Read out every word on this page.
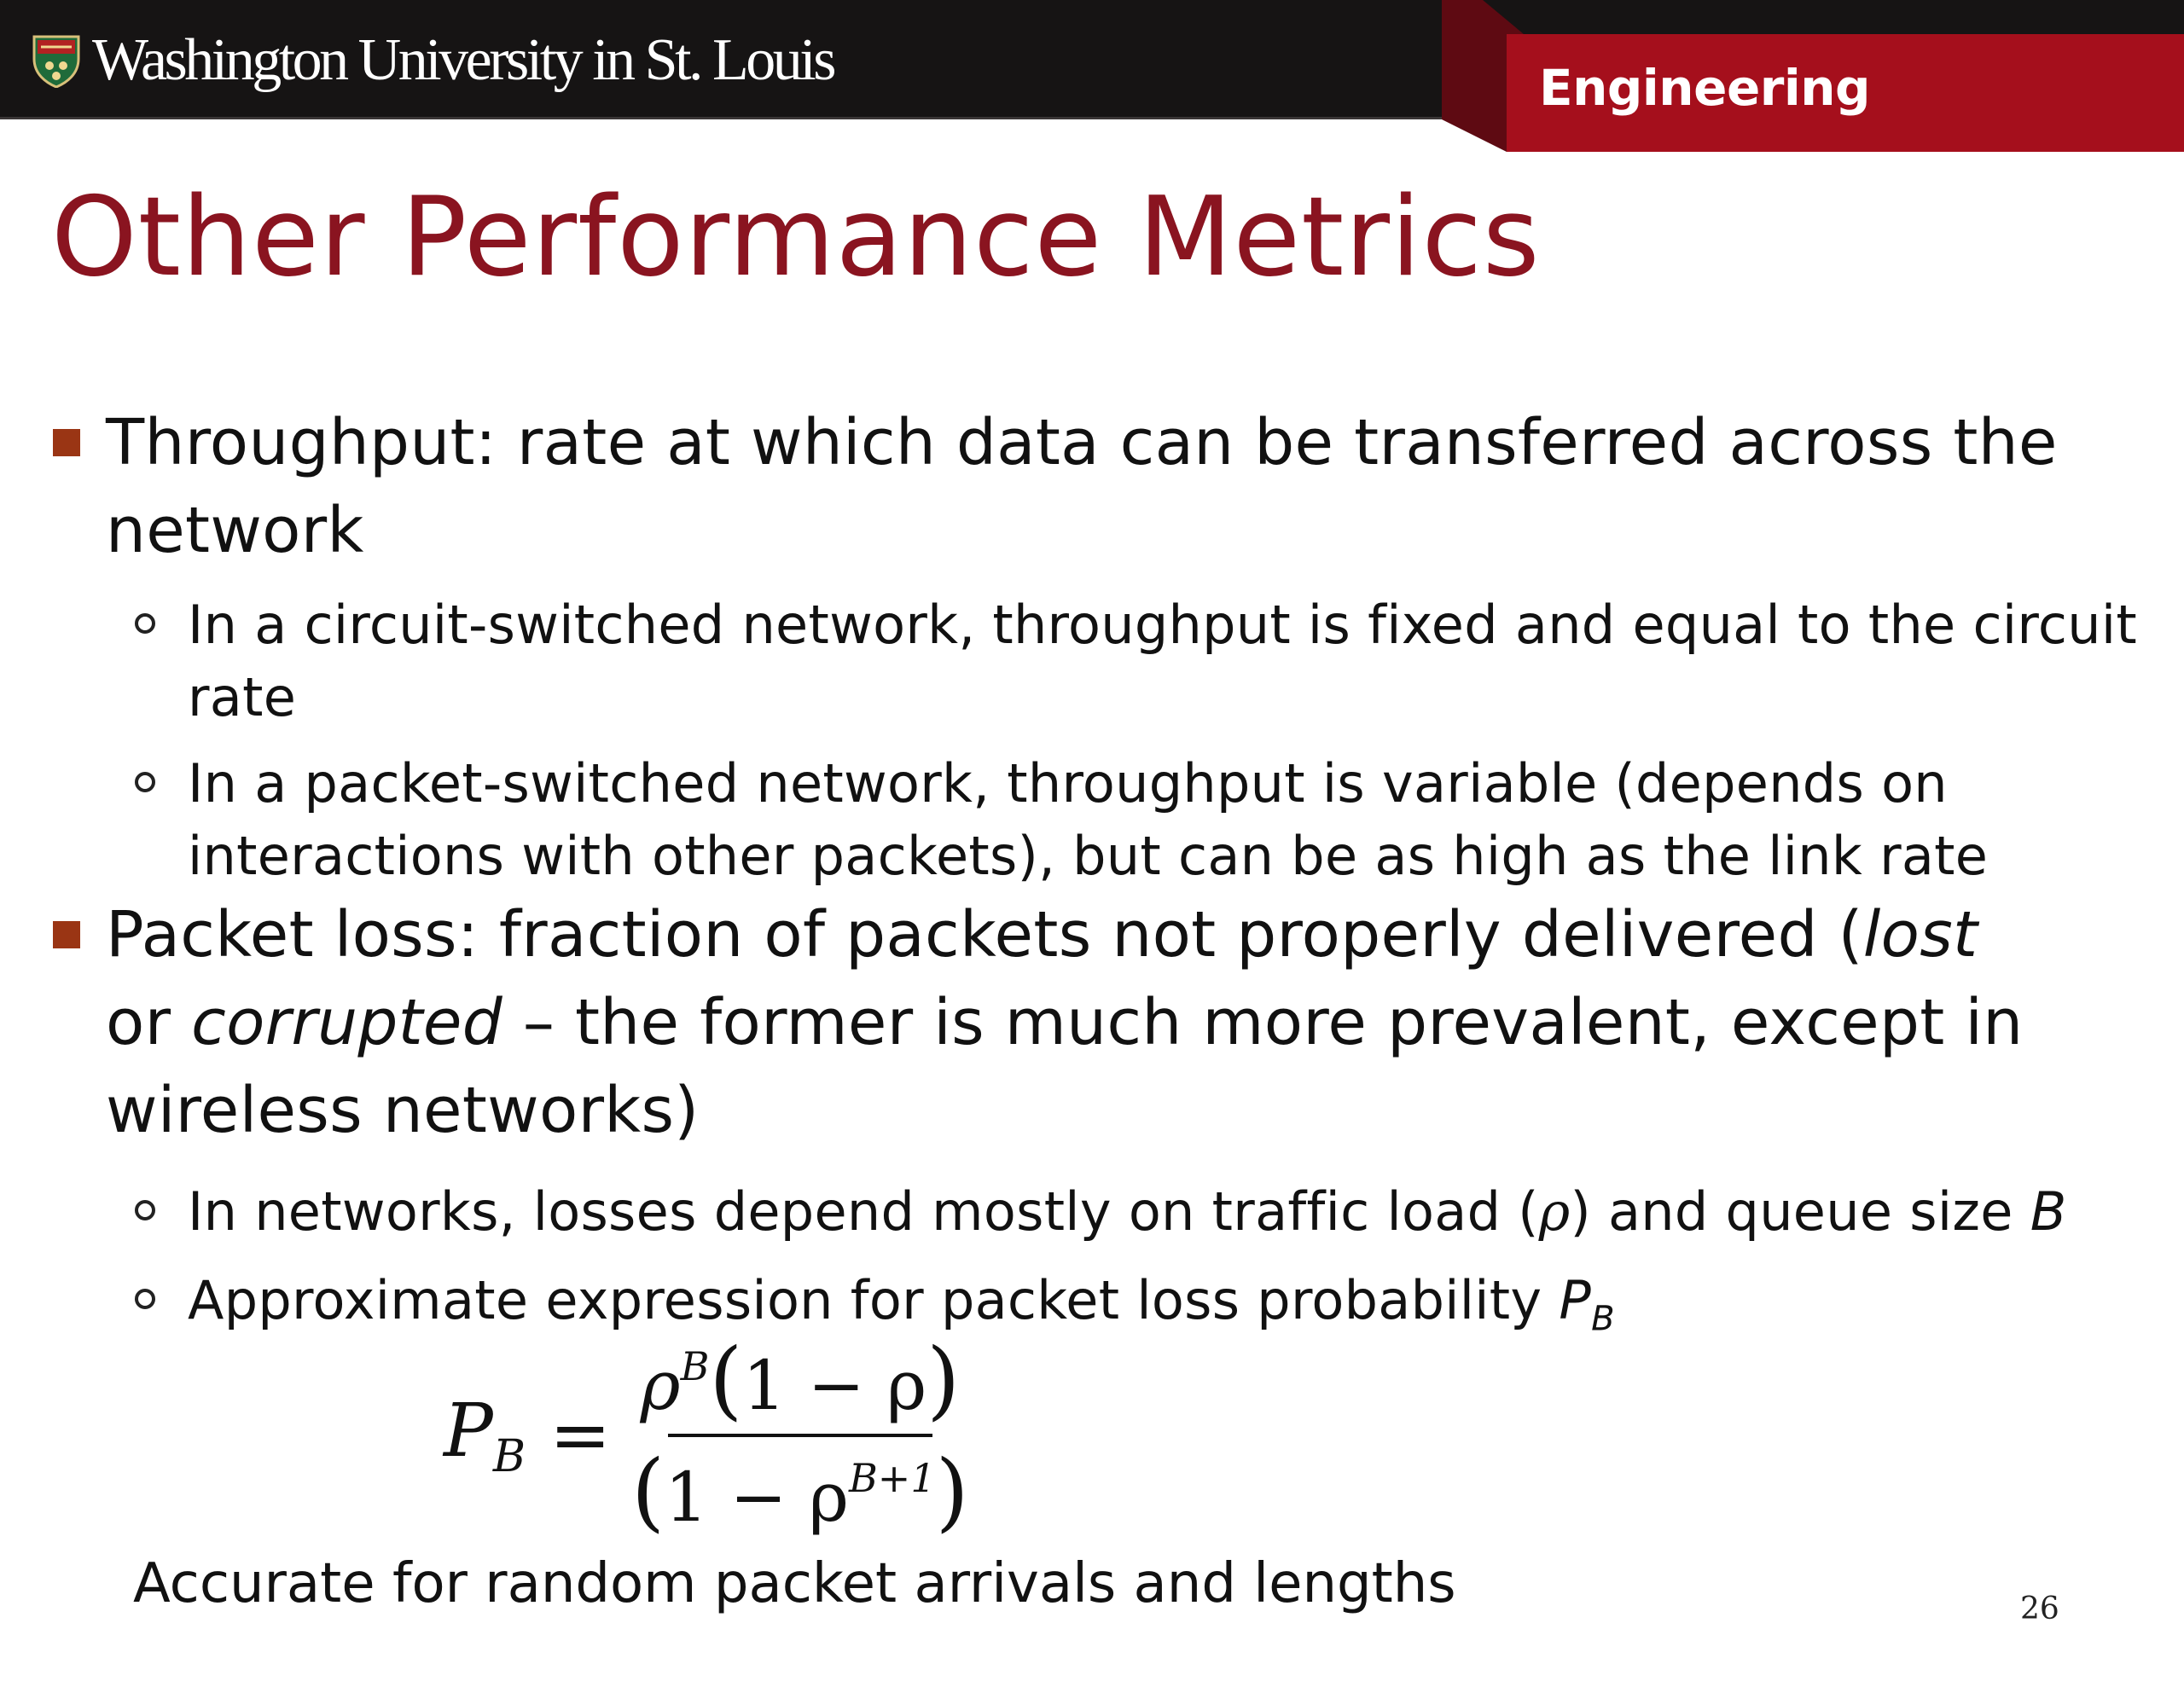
Washington University in St. Louis	Engineering
Other Performance Metrics

Throughput: rate at which data can be transferred across the network

In a circuit-switched network, throughput is fixed and equal to the circuit rate

In a packet-switched network, throughput is variable (depends on interactions with other packets), but can be as high as the link rate

Packet loss: fraction of packets not properly delivered (lost
or corrupted – the former is much more prevalent, except in wireless networks)

In networks, losses depend mostly on traffic load (ρ) and queue size B

Approximate expression for packet loss probability $P_B$

$P_B = \frac{\rho^B(1 - \rho)}{(1 - \rho^{B+1})}$

Accurate for random packet arrivals and lengths	26
